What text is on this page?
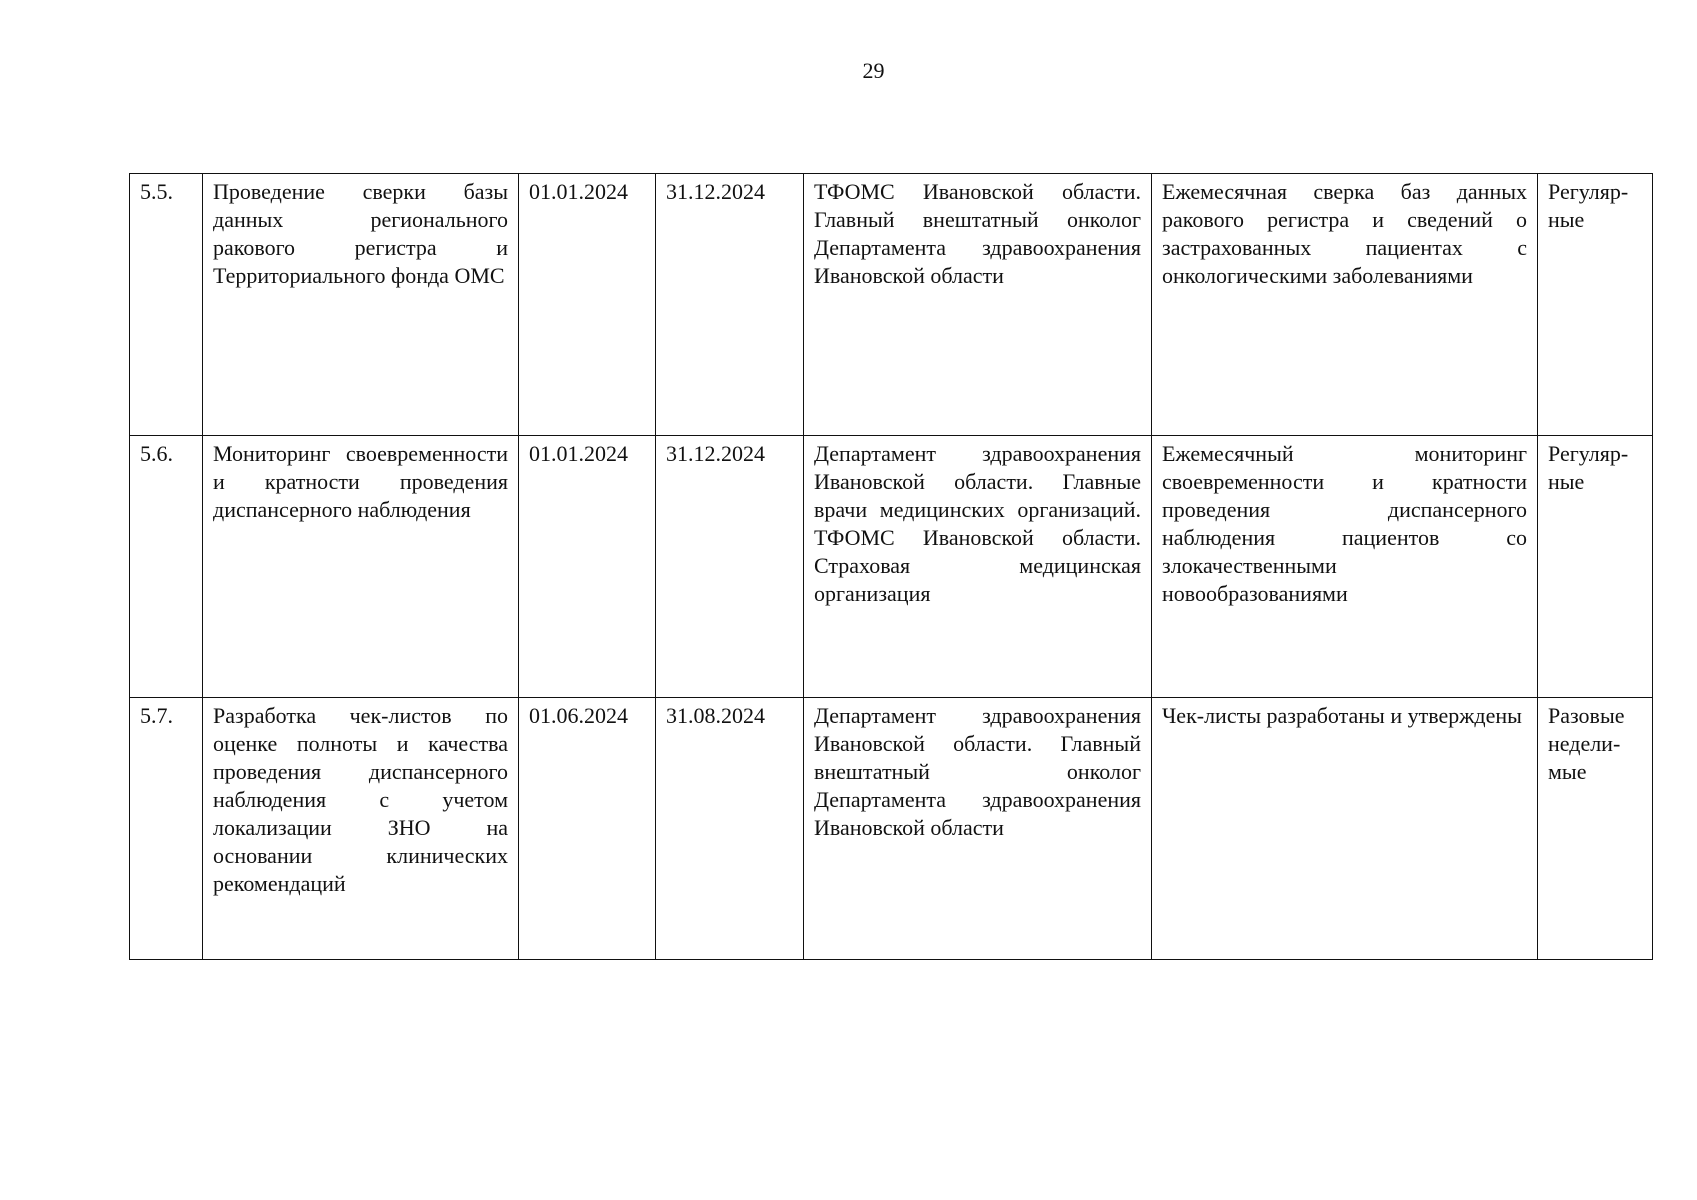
29
5.5.	Проведение сверки базы данных регионального ракового регистра и Территориального фонда ОМС	01.01.2024	31.12.2024	ТФОМС Ивановской области. Главный внештатный онколог Департамента здравоохранения Ивановской области	Ежемесячная сверка баз данных ракового регистра и сведений о застрахованных пациентах с онкологическими заболеваниями	Регуляр-ные
5.6.	Мониторинг своевременности и кратности проведения диспансерного наблюдения	01.01.2024	31.12.2024	Департамент здравоохранения Ивановской области. Главные врачи медицинских организаций. ТФОМС Ивановской области. Страховая медицинская организация	Ежемесячный мониторинг своевременности и кратности проведения диспансерного наблюдения пациентов со злокачественными новообразованиями	Регуляр-ные
5.7.	Разработка чек-листов по оценке полноты и качества проведения диспансерного наблюдения с учетом локализации ЗНО на основании клинических рекомендаций	01.06.2024	31.08.2024	Департамент здравоохранения Ивановской области. Главный внештатный онколог Департамента здравоохранения Ивановской области	Чек-листы разработаны и утверждены	Разовые недели-мые
